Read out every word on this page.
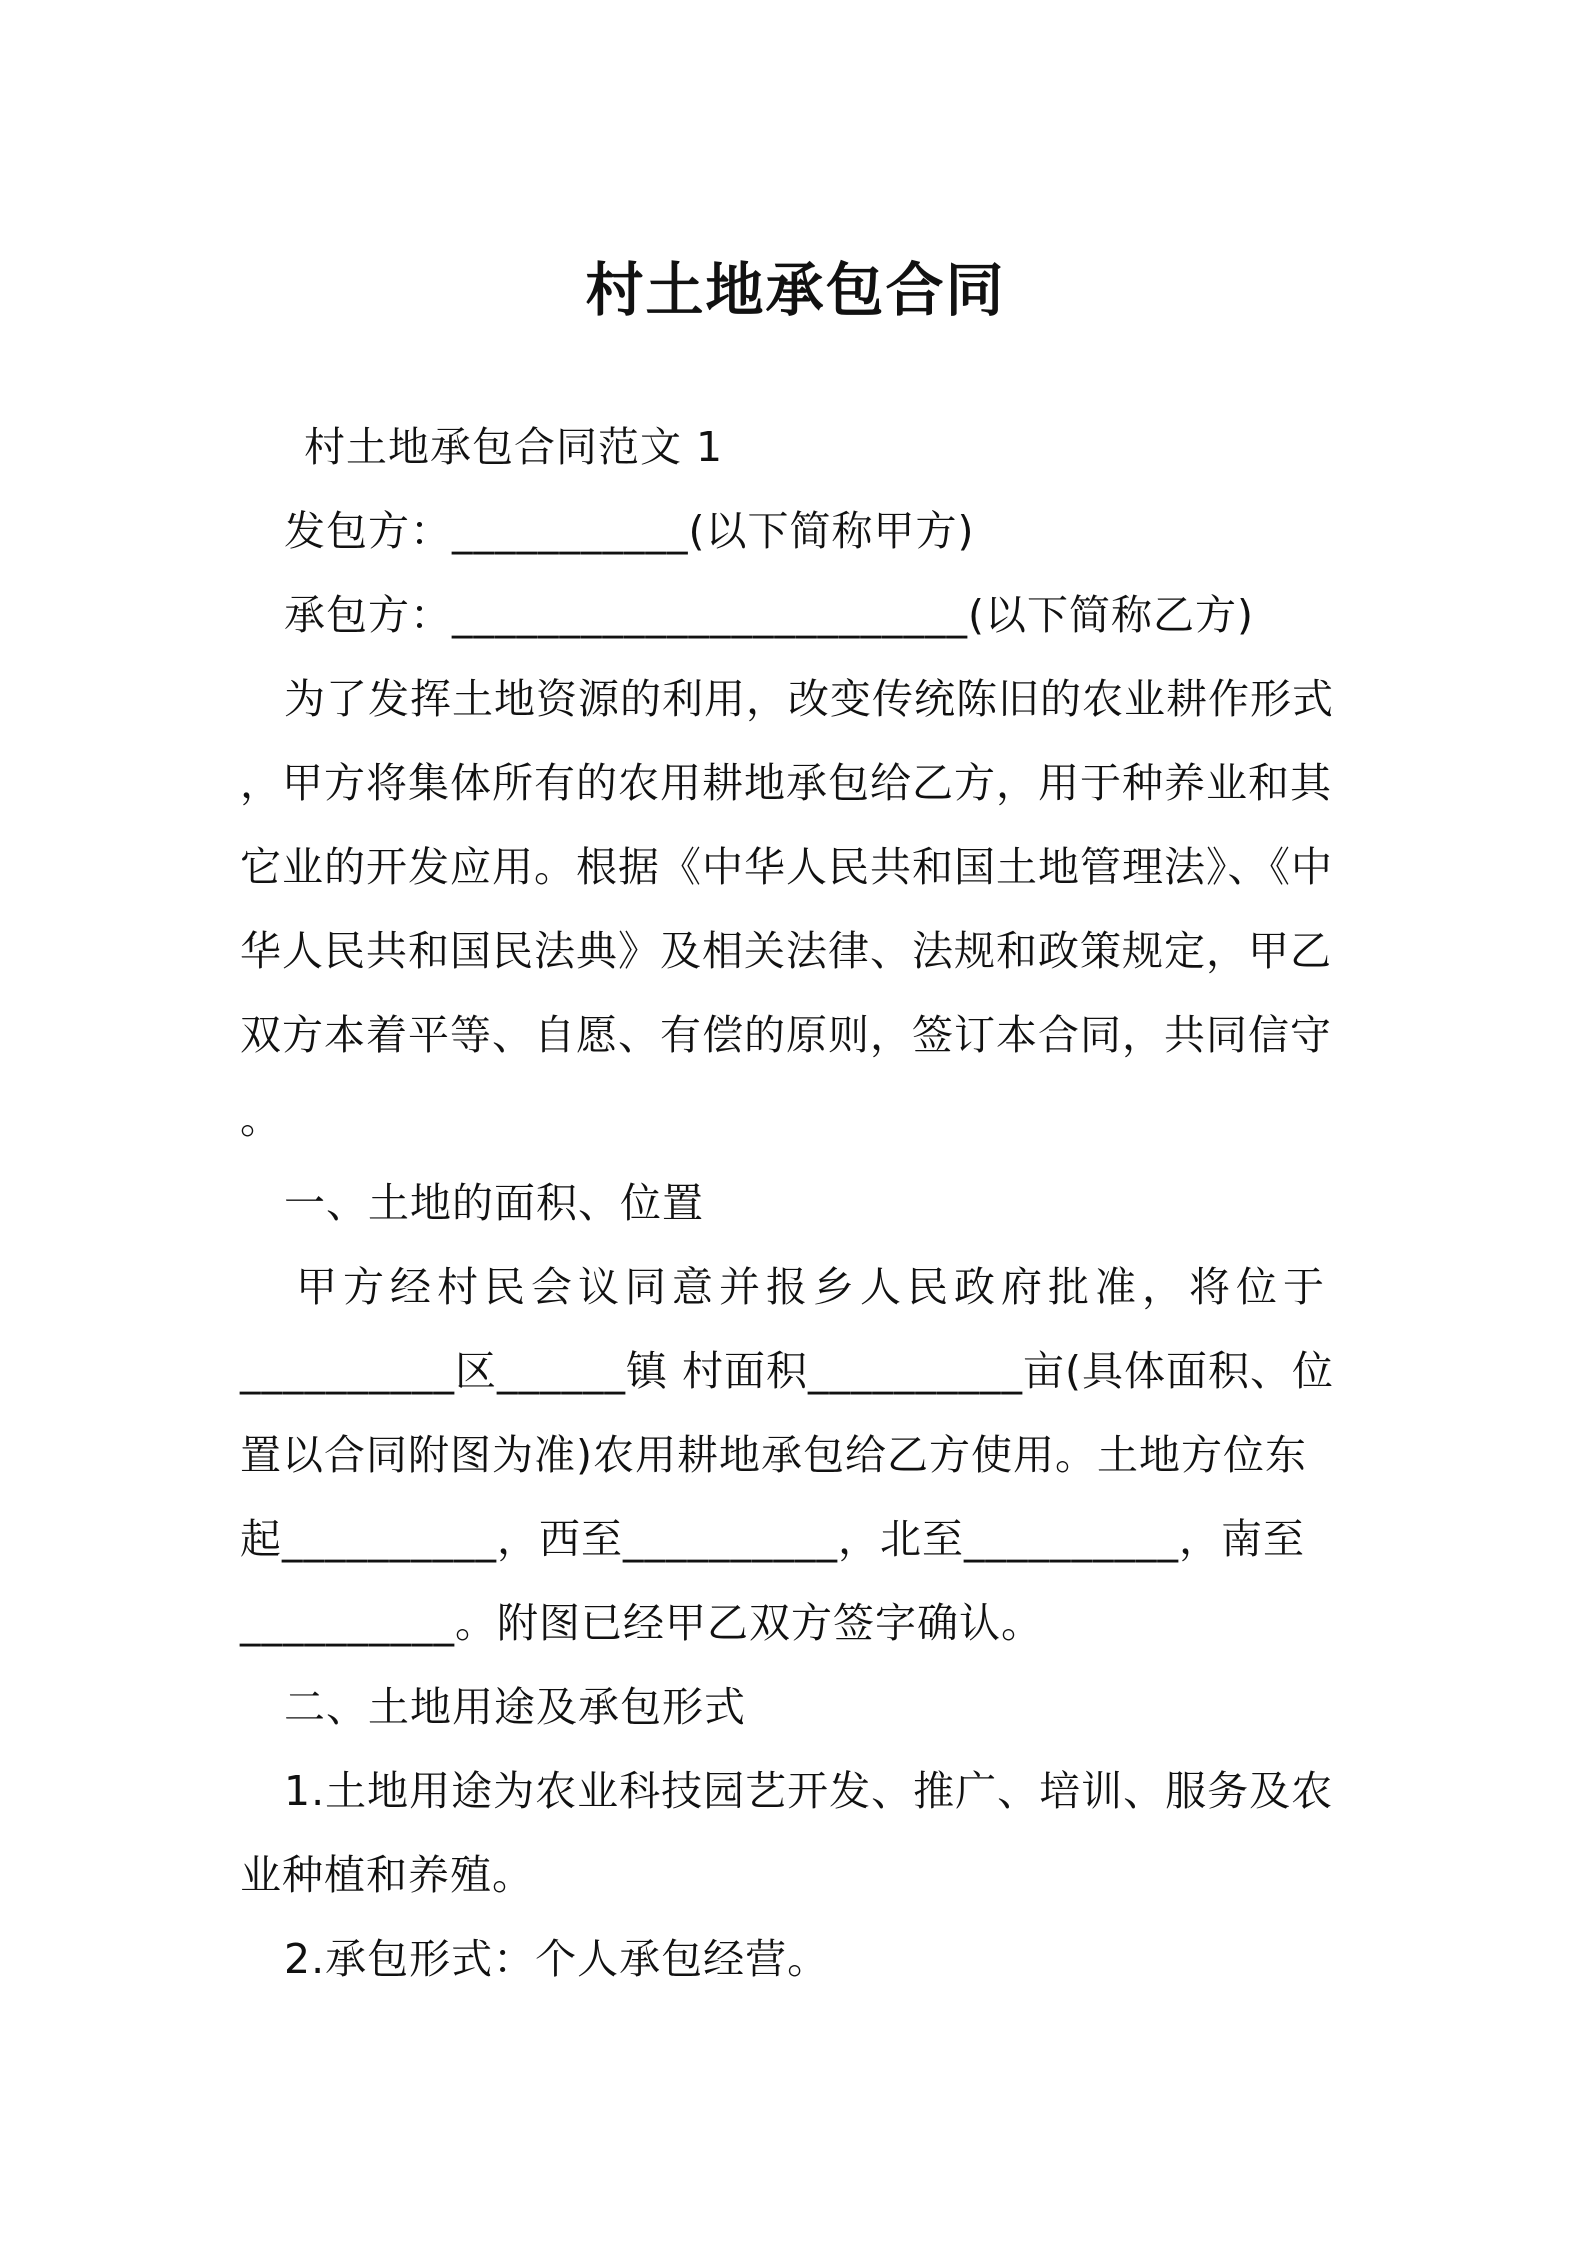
村土地承包合同
村土地承包合同范文 1
发包方：___________(以下简称甲方)
承包方：________________________(以下简称乙方)
为了发挥土地资源的利用，改变传统陈旧的农业耕作形式
，甲方将集体所有的农用耕地承包给乙方，用于种养业和其
它业的开发应用。根据《中华人民共和国土地管理法》、《中
华人民共和国民法典》及相关法律、法规和政策规定，甲乙
双方本着平等、自愿、有偿的原则，签订本合同，共同信守
。
一、土地的面积、位置
甲方经村民会议同意并报乡人民政府批准，将位于
__________区______镇 村面积__________亩(具体面积、位
置以合同附图为准)农用耕地承包给乙方使用。土地方位东
起__________，西至__________，北至__________，南至
__________。附图已经甲乙双方签字确认。
二、土地用途及承包形式
1.土地用途为农业科技园艺开发、推广、培训、服务及农
业种植和养殖。
2.承包形式：个人承包经营。
